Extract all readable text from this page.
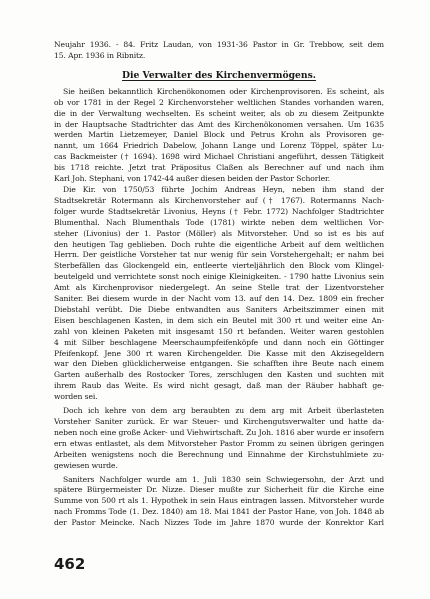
Neujahr 1936. - 84. Fritz Laudan, von 1931-36 Pastor in Gr. Trebbow, seit dem
15. Apr. 1936 in Ribnitz.
Die Verwalter des Kirchenvermögens.
Sie heißen bekanntlich Kirchenökonomen oder Kirchenprovisoren. Es scheint, als
ob vor 1781 in der Regel 2 Kirchenvorsteher weltlichen Standes vorhanden waren,
die in der Verwaltung wechselten. Es scheint weiter, als ob zu diesem Zeitpunkte
in der Hauptsache Stadtrichter das Amt des Kirchenökonomen versahen. Um 1635
werden Martin Lietzemeyer, Daniel Block und Petrus Krohn als Provisoren ge-
nannt, um 1664 Friedrich Dabelow, Johann Lange und Lorenz Töppel, später Lu-
cas Backmeister († 1694). 1698 wird Michael Christiani angeführt, dessen Tätigkeit
bis 1718 reichte. Jetzt trat Präpositus Claßen als Berechner auf und nach ihm
Karl Joh. Stephani, von 1742-44 außer diesen beiden der Pastor Schorler.
Die Kir. von 1750/53 führte Jochim Andreas Heyn, neben ihm stand der
Stadtsekretär Rotermann als Kirchenvorsteher auf († 1767). Rotermanns Nach-
folger wurde Stadtsekretär Livonius, Heyns († Febr. 1772) Nachfolger Stadtrichter
Blumenthal. Nach Blumenthals Tode (1781) wirkte neben dem weltlichen Vor-
steher (Livonius) der 1. Pastor (Möller) als Mitvorsteher. Und so ist es bis auf
den heutigen Tag geblieben. Doch ruhte die eigentliche Arbeit auf dem weltlichen
Herrn. Der geistliche Vorsteher tat nur wenig für sein Vorstehergehalt; er nahm bei
Sterbefällen das Glockengeld ein, entleerte vierteljährlich den Block vom Klingel-
beutelgeld und verrichtete sonst noch einige Kleinigkeiten. - 1790 hatte Livonius sein
Amt als Kirchenprovisor niedergelegt. An seine Stelle trat der Lizentvorsteher
Saniter. Bei diesem wurde in der Nacht vom 13. auf den 14. Dez. 1809 ein frecher
Diebstahl verübt. Die Diebe entwandten aus Saniters Arbeitszimmer einen mit
Eisen beschlagenen Kasten, in dem sich ein Beutel mit 300 rt und weiter eine An-
zahl von kleinen Paketen mit insgesamt 150 rt befanden. Weiter waren gestohlen
4 mit Silber beschlagene Meerschaumpfeifenköpfe und dann noch ein Göttinger
Pfeifenkopf. Jene 300 rt waren Kirchengelder. Die Kasse mit den Akzisegeldern
war den Dieben glücklicherweise entgangen. Sie schafften ihre Beute nach einem
Garten außerhalb des Rostocker Tores, zerschlugen den Kasten und suchten mit
ihrem Raub das Weite. Es wird nicht gesagt, daß man der Räuber habhaft ge-
worden sei.
Doch ich kehre von dem arg beraubten zu dem arg mit Arbeit überlasteten
Vorsteher Saniter zurück. Er war Steuer- und Kirchengutsverwalter und hatte da-
neben noch eine große Acker- und Viehwirtschaft. Zu Joh. 1816 aber wurde er insofern
ern etwas entlastet, als dem Mitvorsteher Pastor Fromm zu seinen übrigen geringen
Arbeiten wenigstens noch die Berechnung und Einnahme der Kirchstuhlmiete zu-
gewiesen wurde.
Saniters Nachfolger wurde am 1. Juli 1830 sein Schwiegersohn, der Arzt und
spätere Bürgermeister Dr. Nizze. Dieser mußte zur Sicherheit für die Kirche eine
Summe von 500 rt als 1. Hypothek in sein Haus eintragen lassen. Mitvorsteher wurde
nach Fromms Tode (1. Dez. 1840) am 18. Mai 1841 der Pastor Hane, von Joh. 1848 ab
der Pastor Meincke. Nach Nizzes Tode im Jahre 1870 wurde der Konrektor Karl
462
